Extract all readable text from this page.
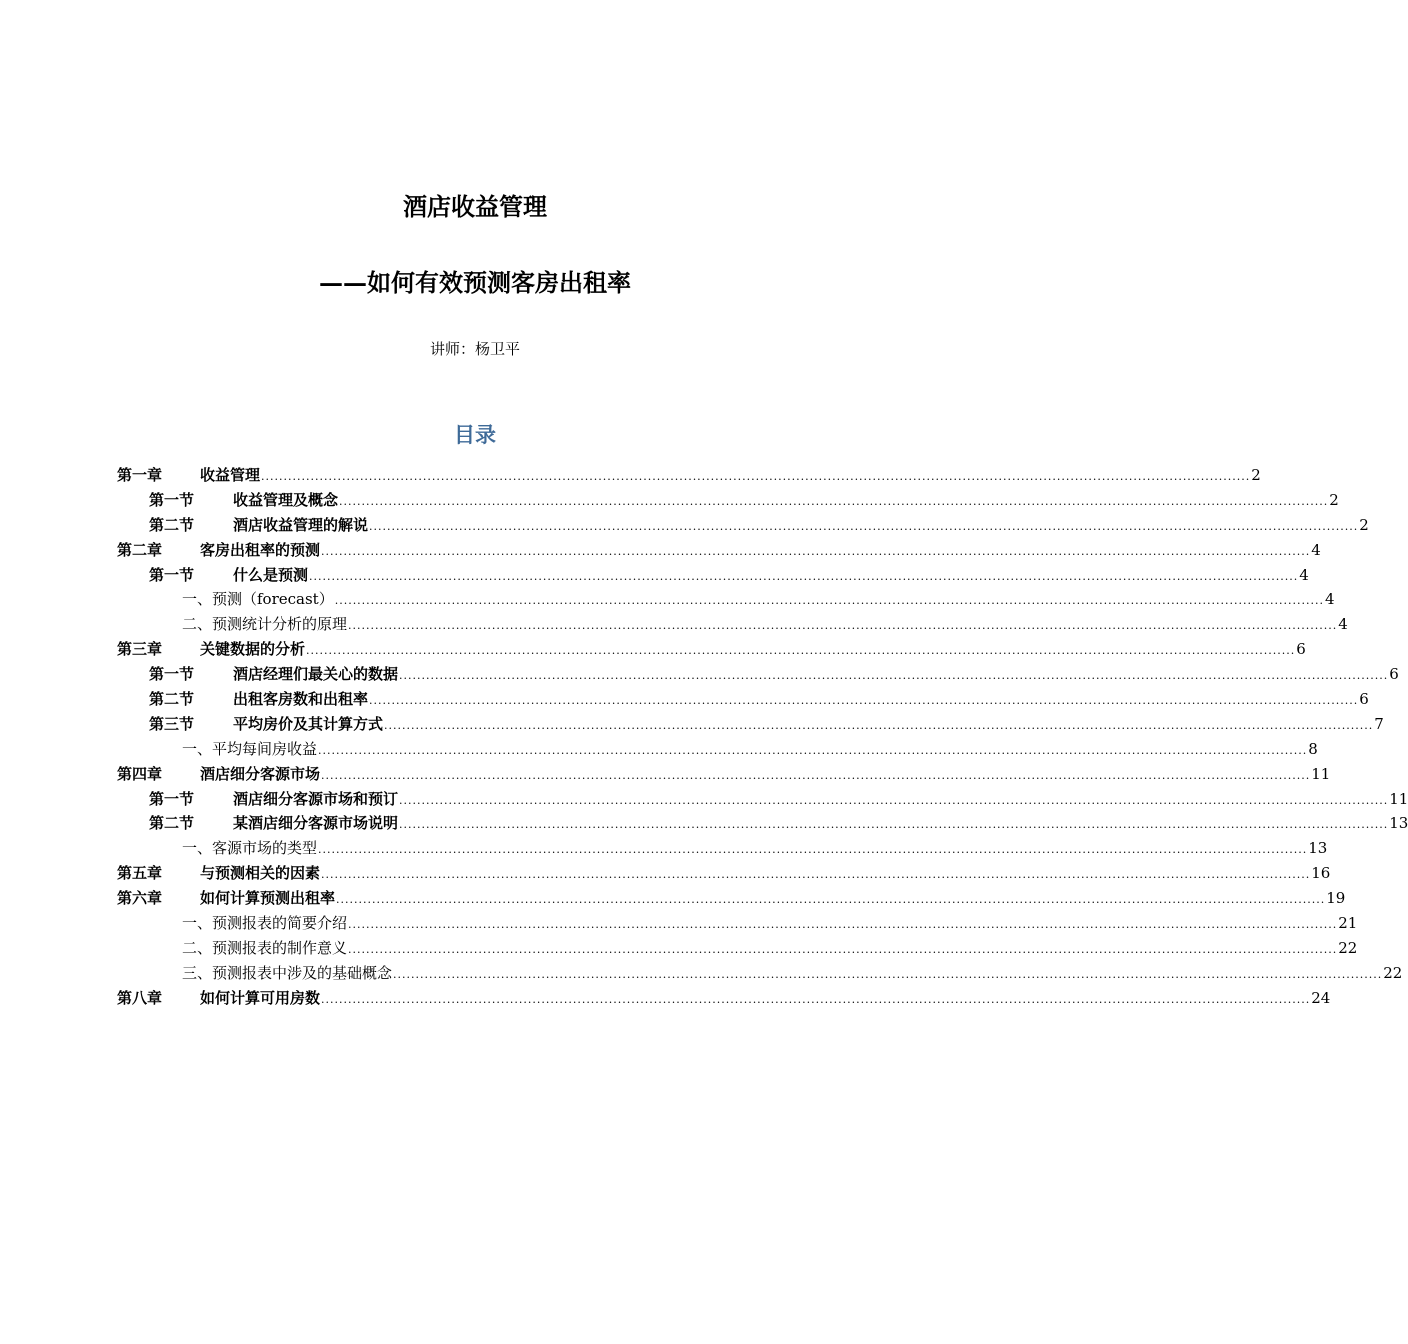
酒店收益管理
——如何有效预测客房出租率
讲师：杨卫平
目录
第一章	收益管理 ............................................................................................................................................................................................................................ 2
第一节	收益管理及概念 ............................................................................................................................................................................................................................ 2
第二节	酒店收益管理的解说 ............................................................................................................................................................................................................................ 2
第二章	客房出租率的预测 ............................................................................................................................................................................................................................ 4
第一节	什么是预测 ............................................................................................................................................................................................................................ 4
一、预测（forecast） ............................................................................................................................................................................................................................ 4
二、预测统计分析的原理 ............................................................................................................................................................................................................................ 4
第三章	关键数据的分析 ............................................................................................................................................................................................................................ 6
第一节	酒店经理们最关心的数据 ............................................................................................................................................................................................................................ 6
第二节	出租客房数和出租率 ............................................................................................................................................................................................................................ 6
第三节	平均房价及其计算方式 ............................................................................................................................................................................................................................ 7
一、平均每间房收益 ............................................................................................................................................................................................................................ 8
第四章	酒店细分客源市场 ............................................................................................................................................................................................................................ 11
第一节	酒店细分客源市场和预订 ............................................................................................................................................................................................................................ 11
第二节	某酒店细分客源市场说明 ............................................................................................................................................................................................................................ 13
一、客源市场的类型 ............................................................................................................................................................................................................................ 13
第五章	与预测相关的因素 ............................................................................................................................................................................................................................ 16
第六章	如何计算预测出租率 ............................................................................................................................................................................................................................ 19
一、预测报表的简要介绍 ............................................................................................................................................................................................................................ 21
二、预测报表的制作意义 ............................................................................................................................................................................................................................ 22
三、预测报表中涉及的基础概念 ............................................................................................................................................................................................................................ 22
第八章	如何计算可用房数 ............................................................................................................................................................................................................................ 24
